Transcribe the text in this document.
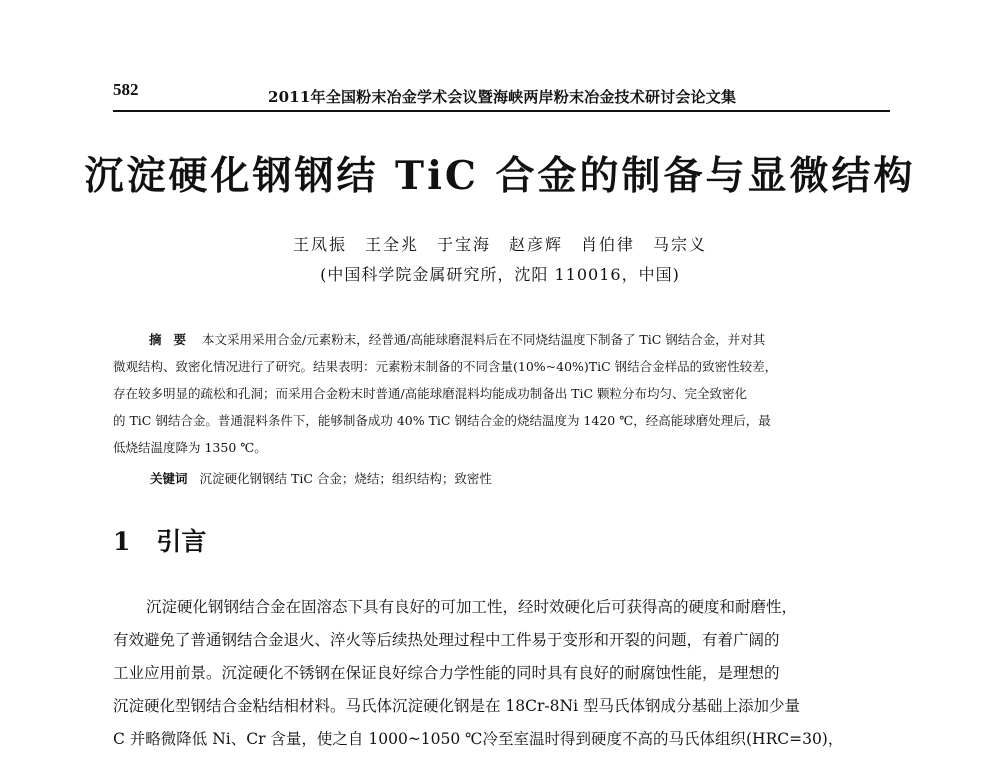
582	2011年全国粉末冶金学术会议暨海峡两岸粉末冶金技术研讨会论文集
沉淀硬化钢钢结 TiC 合金的制备与显微结构
王凤振　王全兆　于宝海　赵彦辉　肖伯律　马宗义
(中国科学院金属研究所，沈阳 110016，中国)
摘要 本文采用采用合金/元素粉末，经普通/高能球磨混料后在不同烧结温度下制备了 TiC 钢结合金，并对其
微观结构、致密化情况进行了研究。结果表明：元素粉末制备的不同含量(10%~40%)TiC 钢结合金样品的致密性较差，
存在较多明显的疏松和孔洞；而采用合金粉末时普通/高能球磨混料均能成功制备出 TiC 颗粒分布均匀、完全致密化
的 TiC 钢结合金。普通混料条件下，能够制备成功 40% TiC 钢结合金的烧结温度为 1420 ℃，经高能球磨处理后，最
低烧结温度降为 1350 ℃。
关键词 沉淀硬化钢钢结 TiC 合金；烧结；组织结构；致密性
1 引言
沉淀硬化钢钢结合金在固溶态下具有良好的可加工性，经时效硬化后可获得高的硬度和耐磨性，
有效避免了普通钢结合金退火、淬火等后续热处理过程中工件易于变形和开裂的问题，有着广阔的
工业应用前景。沉淀硬化不锈钢在保证良好综合力学性能的同时具有良好的耐腐蚀性能，是理想的
沉淀硬化型钢结合金粘结相材料。马氏体沉淀硬化钢是在 18Cr-8Ni 型马氏体钢成分基础上添加少量
C 并略微降低 Ni、Cr 含量，使之自 1000~1050 ℃冷至室温时得到硬度不高的马氏体组织(HRC=30)，
